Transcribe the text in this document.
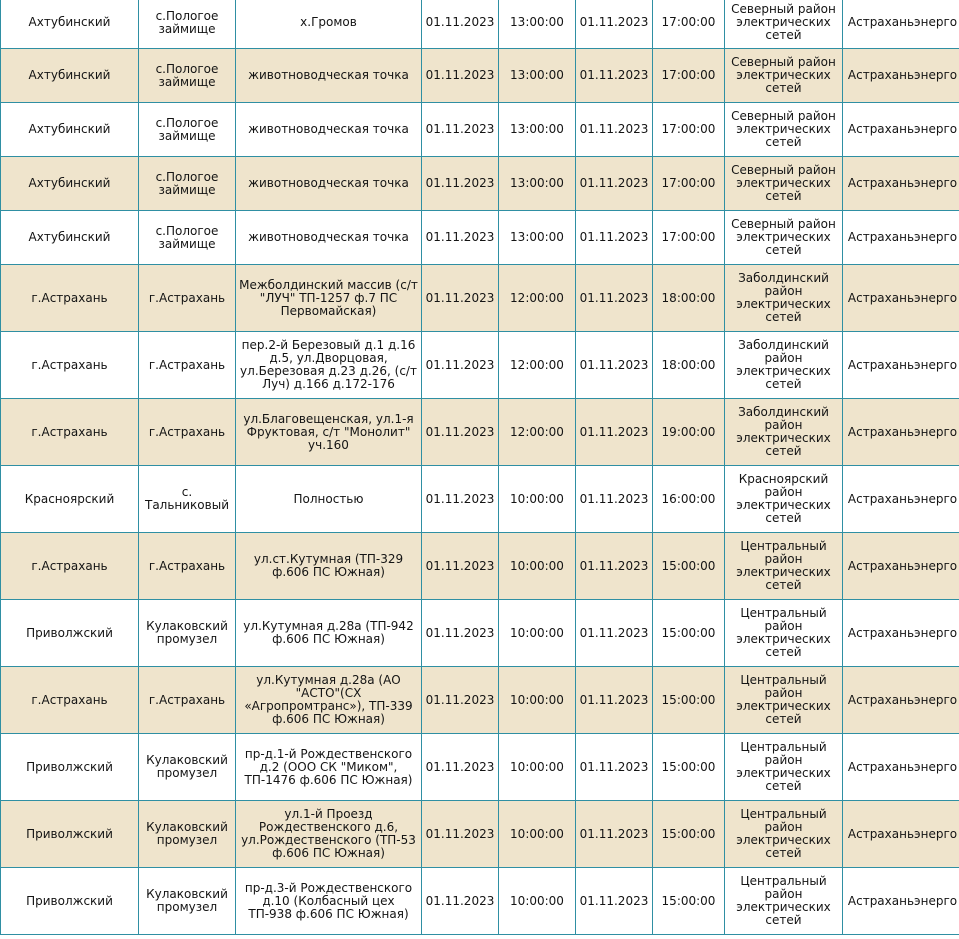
Ахтубинский	с.Пологое займище	х.Громов	01.11.2023	13:00:00	01.11.2023	17:00:00	Северный район электрических сетей	Астраханьэнерго
Ахтубинский	с.Пологое займище	животноводческая точка	01.11.2023	13:00:00	01.11.2023	17:00:00	Северный район электрических сетей	Астраханьэнерго
Ахтубинский	с.Пологое займище	животноводческая точка	01.11.2023	13:00:00	01.11.2023	17:00:00	Северный район электрических сетей	Астраханьэнерго
Ахтубинский	с.Пологое займище	животноводческая точка	01.11.2023	13:00:00	01.11.2023	17:00:00	Северный район электрических сетей	Астраханьэнерго
Ахтубинский	с.Пологое займище	животноводческая точка	01.11.2023	13:00:00	01.11.2023	17:00:00	Северный район электрических сетей	Астраханьэнерго
г.Астрахань	г.Астрахань	Межболдинский массив (с/т "ЛУЧ" ТП-1257 ф.7 ПС Первомайская)	01.11.2023	12:00:00	01.11.2023	18:00:00	Заболдинский район электрических сетей	Астраханьэнерго
г.Астрахань	г.Астрахань	пер.2-й Березовый д.1 д.16 д.5, ул.Дворцовая, ул.Березовая д.23 д.26, (с/т Луч) д.166 д.172-176	01.11.2023	12:00:00	01.11.2023	18:00:00	Заболдинский район электрических сетей	Астраханьэнерго
г.Астрахань	г.Астрахань	ул.Благовещенская, ул.1-я Фруктовая, с/т "Монолит" уч.160	01.11.2023	12:00:00	01.11.2023	19:00:00	Заболдинский район электрических сетей	Астраханьэнерго
Красноярский	с. Тальниковый	Полностью	01.11.2023	10:00:00	01.11.2023	16:00:00	Красноярский район электрических сетей	Астраханьэнерго
г.Астрахань	г.Астрахань	ул.ст.Кутумная (ТП-329 ф.606 ПС Южная)	01.11.2023	10:00:00	01.11.2023	15:00:00	Центральный район электрических сетей	Астраханьэнерго
Приволжский	Кулаковский промузел	ул.Кутумная д.28а (ТП-942 ф.606 ПС Южная)	01.11.2023	10:00:00	01.11.2023	15:00:00	Центральный район электрических сетей	Астраханьэнерго
г.Астрахань	г.Астрахань	ул.Кутумная д.28а (АО "АСТО"(СХ «Агропромтранс»), ТП-339 ф.606 ПС Южная)	01.11.2023	10:00:00	01.11.2023	15:00:00	Центральный район электрических сетей	Астраханьэнерго
Приволжский	Кулаковский промузел	пр-д.1-й Рождественского д.2 (ООО СК "Миком", ТП-1476 ф.606 ПС Южная)	01.11.2023	10:00:00	01.11.2023	15:00:00	Центральный район электрических сетей	Астраханьэнерго
Приволжский	Кулаковский промузел	ул.1-й Проезд Рождественского д.6, ул.Рождественского (ТП-53 ф.606 ПС Южная)	01.11.2023	10:00:00	01.11.2023	15:00:00	Центральный район электрических сетей	Астраханьэнерго
Приволжский	Кулаковский промузел	пр-д.3-й Рождественского д.10 (Колбасный цех ТП-938 ф.606 ПС Южная)	01.11.2023	10:00:00	01.11.2023	15:00:00	Центральный район электрических сетей	Астраханьэнерго
